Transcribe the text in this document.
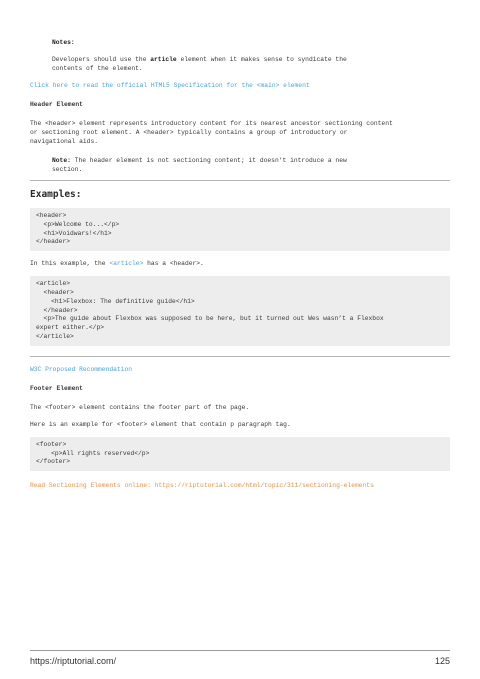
Notes:

Developers should use the article element when it makes sense to syndicate the

contents of the element.

Click here to read the official HTML5 Specification for the <main> element

Header Element

The <header> element represents introductory content for its nearest ancestor sectioning content

or sectioning root element. A <header> typically contains a group of introductory or

navigational aids.

Note: The header element is not sectioning content; it doesn’t introduce a new

section.

Examples:
<header>
<p>Welcome to...</p>
<h1>Voidwars!</h1>
</header>

In this example, the <article> has a <header>.

<article>
<header>
<h1>Flexbox: The definitive guide</h1>
</header>
<p>The guide about Flexbox was supposed to be here, but it turned out Wes wasn’t a Flexbox
expert either.</p>
</article>

W3C Proposed Recommendation

Footer Element

The <footer> element contains the footer part of the page.

Here is an example for <footer> element that contain p paragraph tag.

<footer>
<p>All rights reserved</p>
</footer>

Read Sectioning Elements online: https://riptutorial.com/html/topic/311/sectioning-elements

https://riptutorial.com/	125
